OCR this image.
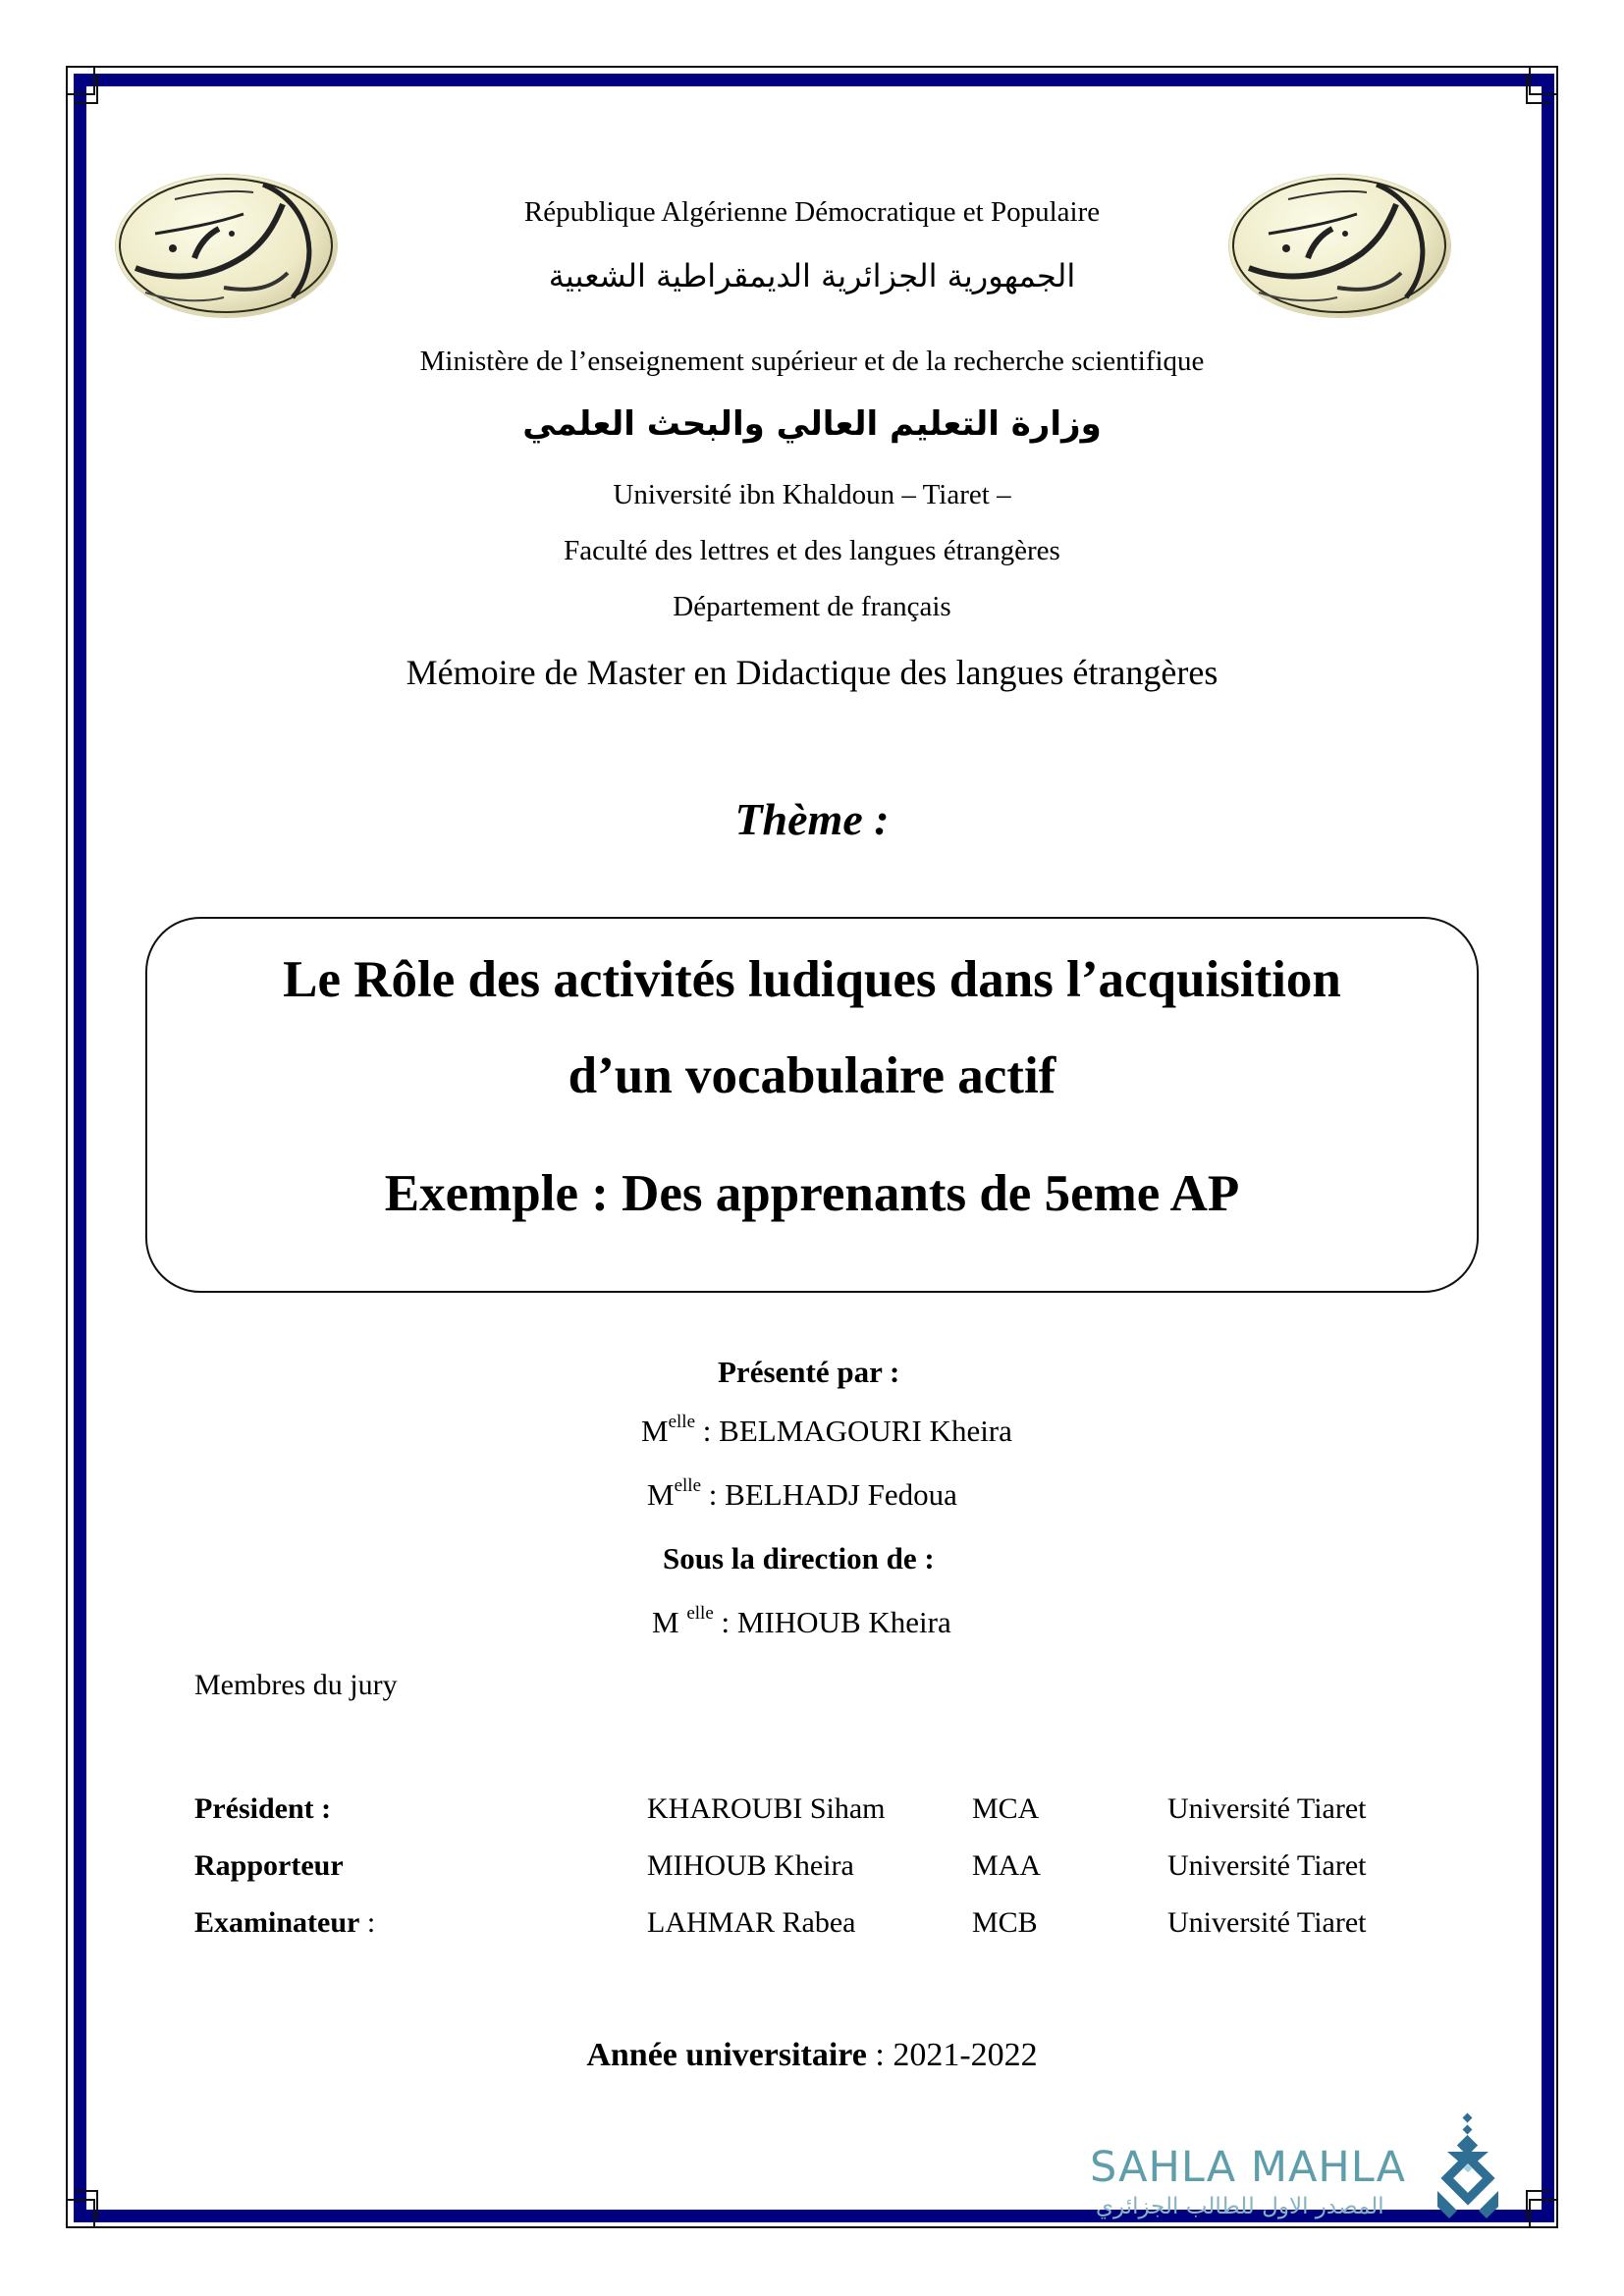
République Algérienne Démocratique et Populaire
الجمهورية الجزائرية الديمقراطية الشعبية
Ministère de l’enseignement supérieur et de la recherche scientifique
وزارة التعليم العالي والبحث العلمي
Université ibn Khaldoun – Tiaret –
Faculté des lettres et des langues étrangères
Département de français
Mémoire de Master en Didactique des langues étrangères
Thème :
Le Rôle des activités ludiques dans l’acquisition
d’un vocabulaire actif
Exemple : Des apprenants de 5eme AP
Présenté par :
$M^{elle}$ : BELMAGOURI Kheira
$M^{elle}$ : BELHADJ Fedoua
Sous la direction de :
M $^{elle}$ : MIHOUB Kheira
Membres du jury
Président :	KHAROUBI Siham	MCA	Université Tiaret
Rapporteur	MIHOUB Kheira	MAA	Université Tiaret
Examinateur :	LAHMAR Rabea	MCB	Université Tiaret
Année universitaire : 2021-2022
SAHLA MAHLA
المصدر الاول للطالب الجزائري
